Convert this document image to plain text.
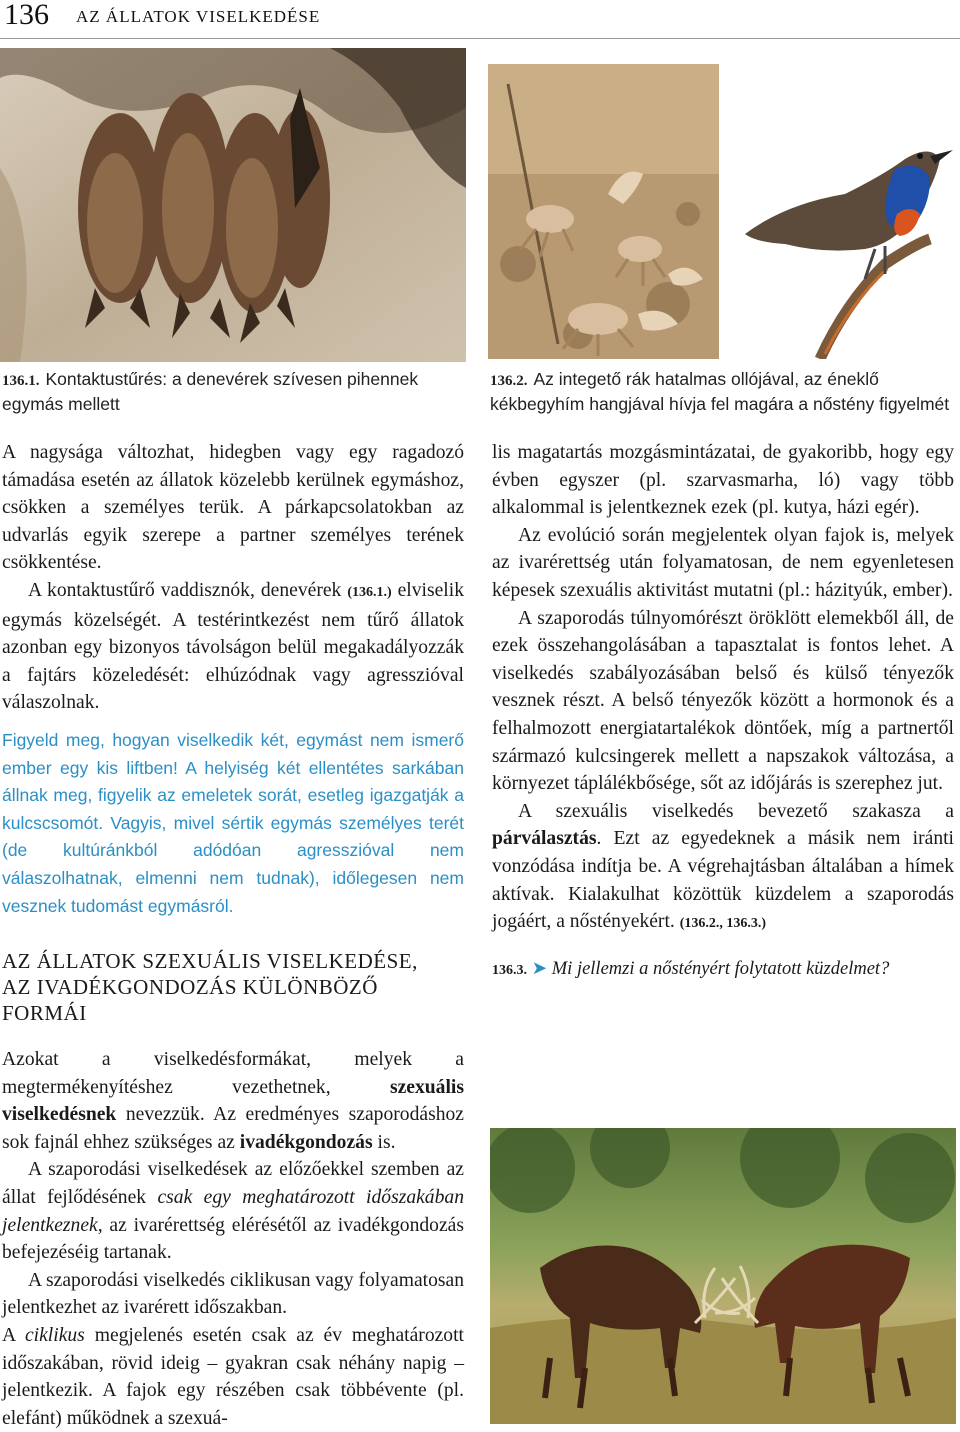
136 AZ ÁLLATOK VISELKEDÉSE
136.1. Kontaktustűrés: a denevérek szívesen pihennek egymás mellett
136.2. Az integető rák hatalmas ollójával, az éneklő kékbegyhím hangjával hívja fel magára a nőstény figyelmét

A nagysága változhat, hidegben vagy egy ragadozó támadása esetén az állatok közelebb kerülnek egymáshoz, csökken a személyes terük. A párkapcsolatokban az udvarlás egyik szerepe a partner személyes terének csökkentése.

A kontaktustűrő vaddisznók, denevérek (136.1.) elviselik egymás közelségét. A testérintkezést nem tűrő állatok azonban egy bizonyos távolságon belül megakadályozzák a fajtárs közeledését: elhúzódnak vagy agresszióval válaszolnak.

Figyeld meg, hogyan viselkedik két, egymást nem ismerő ember egy kis liftben! A helyiség két ellentétes sarkában állnak meg, figyelik az emeletek sorát, esetleg igazgatják a kulcscsomót. Vagyis, mivel sértik egymás személyes terét (de kultúránkból adódóan agresszióval nem válaszolhatnak, elmenni nem tudnak), időlegesen nem vesznek tudomást egymásról.

AZ ÁLLATOK SZEXUÁLIS VISELKEDÉSE,
AZ IVADÉKGONDOZÁS KÜLÖNBÖZŐ
FORMÁI

Azokat a viselkedésformákat, melyek a megtermékenyítéshez vezethetnek,	szexuális viselkedésnek nevezzük. Az eredményes szaporodáshoz sok fajnál ehhez szükséges az ivadékgondozás is.

A szaporodási viselkedések az előzőekkel szemben az állat fejlődésének csak egy meghatározott időszakában jelentkeznek, az ivarérettség elérésétől az ivadékgondozás befejezéséig tartanak.

A szaporodási viselkedés ciklikusan vagy folyamatosan jelentkezhet az ivarérett időszakban.

A ciklikus megjelenés esetén csak az év meghatározott időszakában, rövid ideig – gyakran csak néhány napig – jelentkezik. A fajok egy részében csak többévente (pl. elefánt) működnek a szexuá-

lis magatartás mozgásmintázatai, de gyakoribb, hogy egy évben egyszer (pl. szarvasmarha, ló) vagy több alkalommal is jelentkeznek ezek (pl. kutya, házi egér).

Az evolúció során megjelentek olyan fajok is, melyek az ivarérettség után folyamatosan, de nem egyenletesen képesek szexuális aktivitást mutatni (pl.: házityúk, ember).

A szaporodás túlnyomórészt öröklött elemekből áll, de ezek összehangolásában a tapasztalat is fontos lehet. A viselkedés szabályozásában belső és külső tényezők vesznek részt. A belső tényezők között a hormonok és a felhalmozott energiatartalékok döntőek, míg a partnertől származó kulcsingerek mellett a napszakok változása, a környezet táplálékbősége, sőt az időjárás is szerephez jut.

A szexuális viselkedés bevezető szakasza a párválasztás. Ezt az egyedeknek a másik nem iránti vonzódása indítja be. A végrehajtásban általában a hímek aktívak. Kialakulhat közöttük küzdelem a szaporodás jogáért, a nőstényekért. (136.2., 136.3.)

136.3. ➤ Mi jellemzi a nőstényért folytatott küzdelmet?
